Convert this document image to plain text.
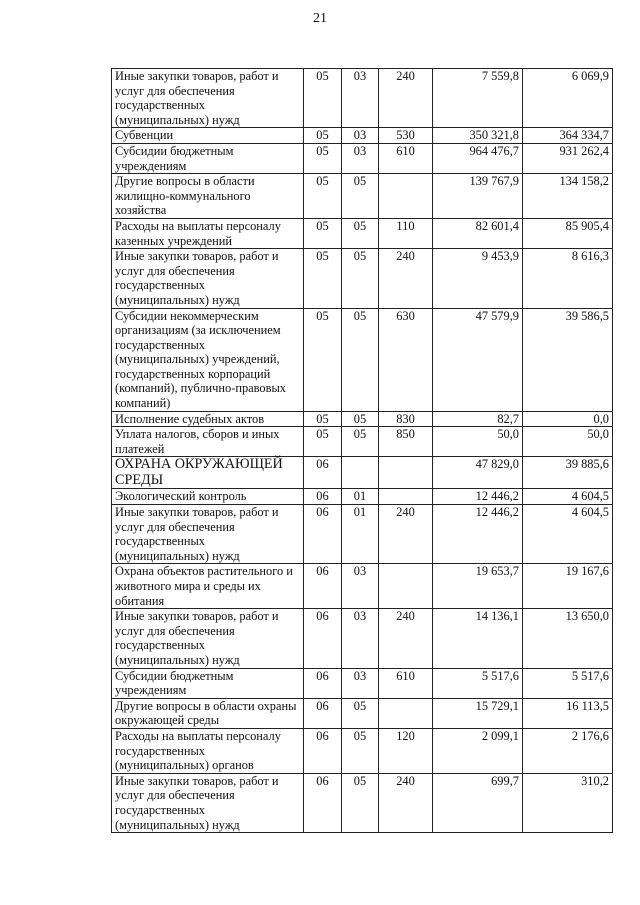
21
Иные закупки товаров, работ и услуг для обеспечения государственных (муниципальных) нужд	05	03	240	7 559,8	6 069,9
Субвенции	05	03	530	350 321,8	364 334,7
Субсидии бюджетным учреждениям	05	03	610	964 476,7	931 262,4
Другие вопросы в области жилищно-коммунального хозяйства	05	05		139 767,9	134 158,2
Расходы на выплаты персоналу казенных учреждений	05	05	110	82 601,4	85 905,4
Иные закупки товаров, работ и услуг для обеспечения государственных (муниципальных) нужд	05	05	240	9 453,9	8 616,3
Субсидии некоммерческим организациям (за исключением государственных (муниципальных) учреждений, государственных корпораций (компаний), публично-правовых компаний)	05	05	630	47 579,9	39 586,5
Исполнение судебных актов	05	05	830	82,7	0,0
Уплата налогов, сборов и иных платежей	05	05	850	50,0	50,0
ОХРАНА ОКРУЖАЮЩЕЙ СРЕДЫ	06			47 829,0	39 885,6
Экологический контроль	06	01		12 446,2	4 604,5
Иные закупки товаров, работ и услуг для обеспечения государственных (муниципальных) нужд	06	01	240	12 446,2	4 604,5
Охрана объектов растительного и животного мира и среды их обитания	06	03		19 653,7	19 167,6
Иные закупки товаров, работ и услуг для обеспечения государственных (муниципальных) нужд	06	03	240	14 136,1	13 650,0
Субсидии бюджетным учреждениям	06	03	610	5 517,6	5 517,6
Другие вопросы в области охраны окружающей среды	06	05		15 729,1	16 113,5
Расходы на выплаты персоналу государственных (муниципальных) органов	06	05	120	2 099,1	2 176,6
Иные закупки товаров, работ и услуг для обеспечения государственных (муниципальных) нужд	06	05	240	699,7	310,2
